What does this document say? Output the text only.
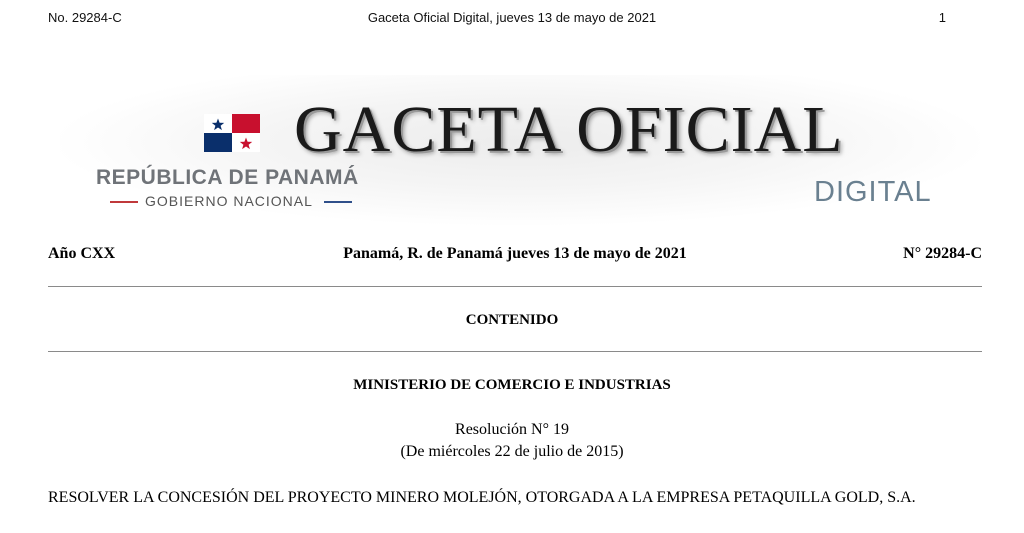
No. 29284-C	Gaceta Oficial Digital, jueves 13 de mayo de 2021	1
GACETA OFICIAL
REPÚBLICA DE PANAMÁ
GOBIERNO NACIONAL	DIGITAL
Año CXX	Panamá, R. de Panamá jueves 13 de mayo de 2021	N° 29284-C
CONTENIDO
MINISTERIO DE COMERCIO E INDUSTRIAS
Resolución N° 19
(De miércoles 22 de julio de 2015)
RESOLVER LA CONCESIÓN DEL PROYECTO MINERO MOLEJÓN, OTORGADA A LA EMPRESA PETAQUILLA GOLD, S.A.
